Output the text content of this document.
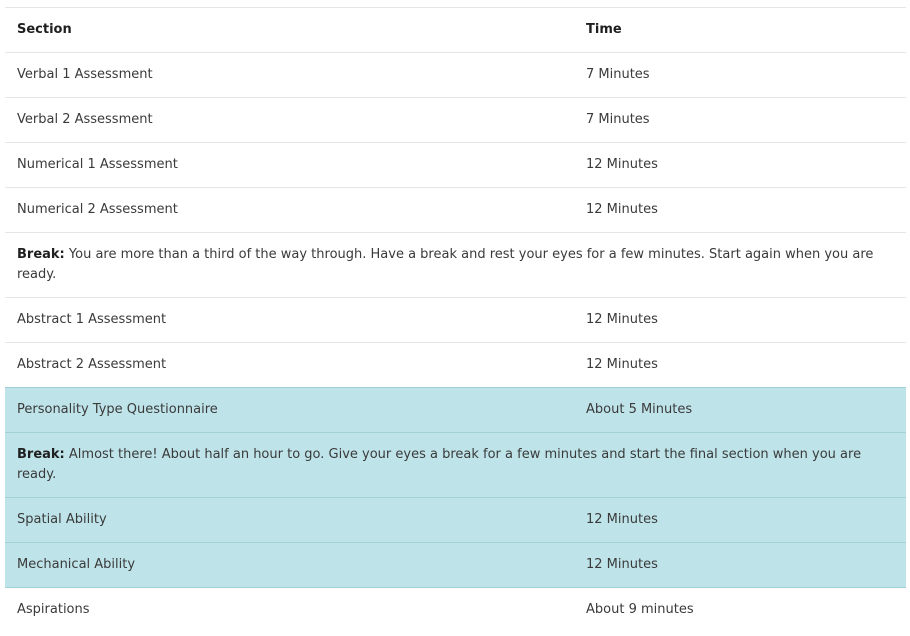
Section	Time
Verbal 1 Assessment	7 Minutes
Verbal 2 Assessment	7 Minutes
Numerical 1 Assessment	12 Minutes
Numerical 2 Assessment	12 Minutes
Break: You are more than a third of the way through. Have a break and rest your eyes for a few minutes. Start again when you are ready.	
Abstract 1 Assessment	12 Minutes
Abstract 2 Assessment	12 Minutes
Personality Type Questionnaire	About 5 Minutes
Break: Almost there! About half an hour to go. Give your eyes a break for a few minutes and start the final section when you are ready.	
Spatial Ability	12 Minutes
Mechanical Ability	12 Minutes
Aspirations	About 9 minutes
